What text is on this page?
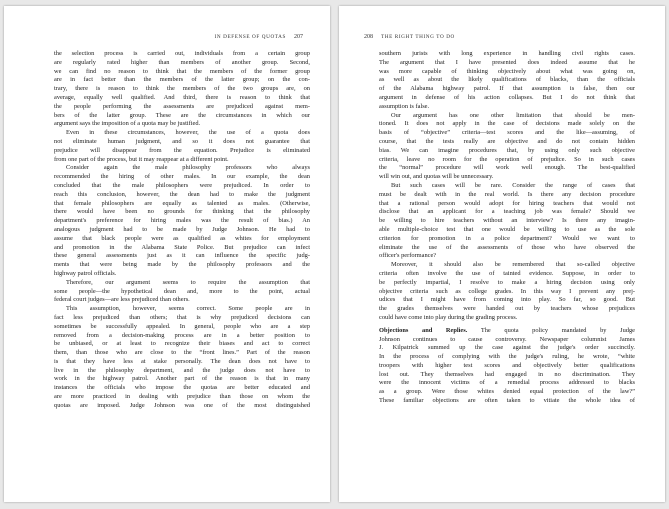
IN DEFENSE OF QUOTAS 207
the selection process is carried out, individuals from a certain group
are regularly rated higher than members of another group. Second,
we can find no reason to think that the members of the former group
are in fact better than the members of the latter group; on the con-
trary, there is reason to think the members of the two groups are, on
average, equally well qualified. And third, there is reason to think that
the people performing the assessments are prejudiced against mem-
bers of the latter group. These are the circumstances in which our
argument says the imposition of a quota may be justified.
Even in these circumstances, however, the use of a quota does
not eliminate human judgment, and so it does not guarantee that
prejudice will disappear from the equation. Prejudice is eliminated
from one part of the process, but it may reappear at a different point.
Consider again the male philosophy professors who always
recommended the hiring of other males. In our example, the dean
concluded that the male philosophers were prejudiced. In order to
reach this conclusion, however, the dean had to make the judgment
that female philosophers are equally as talented as males. (Otherwise,
there would have been no grounds for thinking that the philosophy
department's preference for hiring males was the result of bias.) An
analogous judgment had to be made by Judge Johnson. He had to
assume that black people were as qualified as whites for employment
and promotion in the Alabama State Police. But prejudice can infect
these general assessments just as it can influence the specific judg-
ments that were being made by the philosophy professors and the
highway patrol officials.
Therefore, our argument seems to require the assumption that
some people—the hypothetical dean and, more to the point, actual
federal court judges—are less prejudiced than others.
This assumption, however, seems correct. Some people are in
fact less prejudiced than others; that is why prejudiced decisions can
sometimes be successfully appealed. In general, people who are a step
removed from a decision-making process are in a better position to
be unbiased, or at least to recognize their biases and act to correct
them, than those who are close to the “front lines.” Part of the reason
is that they have less at stake personally. The dean does not have to
live in the philosophy department, and the judge does not have to
work in the highway patrol. Another part of the reason is that in many
instances the officials who impose the quotas are better educated and
are more practiced in dealing with prejudice than those on whom the
quotas are imposed. Judge Johnson was one of the most distinguished
208 THE RIGHT THING TO DO
southern jurists with long experience in handling civil rights cases.
The argument that I have presented does indeed assume that he
was more capable of thinking objectively about what was going on,
as well as about the likely qualifications of blacks, than the officials
of the Alabama highway patrol. If that assumption is false, then our
argument in defense of his action collapses. But I do not think that
assumption is false.
Our argument has one other limitation that should be men-
tioned. It does not apply in the case of decisions made solely on the
basis of “objective” criteria—test scores and the like—assuming, of
course, that the tests really are objective and do not contain hidden
bias. We can imagine procedures that, by using only such objective
criteria, leave no room for the operation of prejudice. So in such cases
the “normal” procedure will work well enough. The best-qualified
will win out, and quotas will be unnecessary.
But such cases will be rare. Consider the range of cases that
must be dealt with in the real world. Is there any decision procedure
that a rational person would adopt for hiring teachers that would not
disclose that an applicant for a teaching job was female? Should we
be willing to hire teachers without an interview? Is there any imagin-
able multiple-choice test that one would be willing to use as the sole
criterion for promotion in a police department? Would we want to
eliminate the use of the assessments of those who have observed the
officer's performance?
Moreover, it should also be remembered that so-called objective
criteria often involve the use of tainted evidence. Suppose, in order to
be perfectly impartial, I resolve to make a hiring decision using only
objective criteria such as college grades. In this way I prevent any prej-
udices that I might have from coming into play. So far, so good. But
the grades themselves were handed out by teachers whose prejudices
could have come into play during the grading process.
Objections and Replies. The quota policy mandated by Judge
Johnson continues to cause controversy. Newspaper columnist James
J. Kilpatrick summed up the case against the judge's order succinctly.
In the process of complying with the judge's ruling, he wrote, “white
troopers with higher test scores and objectively better qualifications
lost out. They themselves had engaged in no discrimination. They
were the innocent victims of a remedial process addressed to blacks
as a group. Were those whites denied equal protection of the law?”
These familiar objections are often taken to vitiate the whole idea of
